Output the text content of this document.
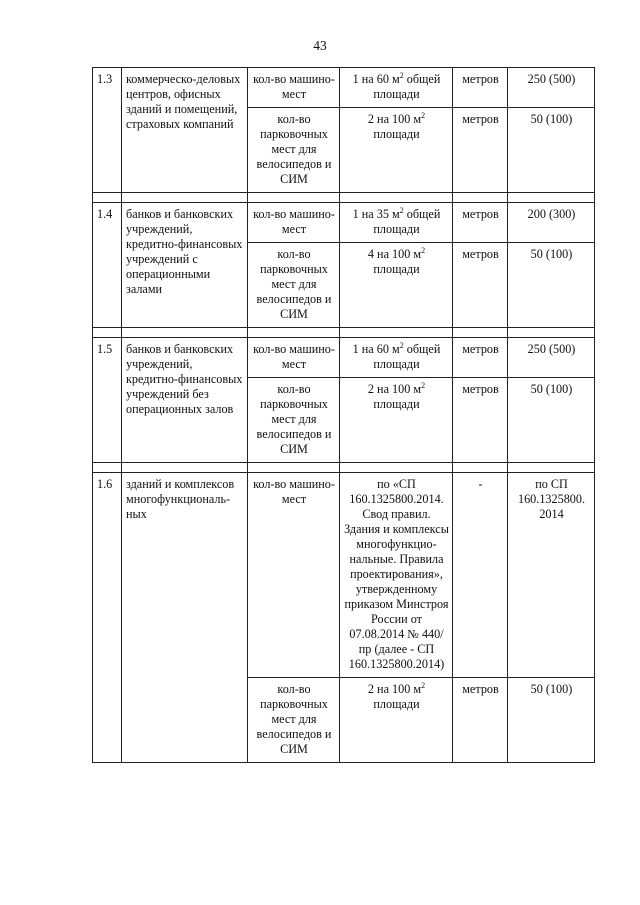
43
1.3	коммерческо-деловых центров, офисных зданий и помещений, страховых компаний	кол-во машино-мест	1 на 60 $м^2$ общей площади	метров	250 (500)
		кол-во парковочных мест для велосипедов и СИМ	2 на 100 $м^2$ площади	метров	50 (100)

1.4	банков и банковских учреждений, кредитно-финансовых учреждений с операционными залами	кол-во машино-мест	1 на 35 $м^2$ общей площади	метров	200 (300)
		кол-во парковочных мест для велосипедов и СИМ	4 на 100 $м^2$ площади	метров	50 (100)

1.5	банков и банковских учреждений, кредитно-финансовых учреждений без операционных залов	кол-во машино-мест	1 на 60 $м^2$ общей площади	метров	250 (500)
		кол-во парковочных мест для велосипедов и СИМ	2 на 100 $м^2$ площади	метров	50 (100)

1.6	зданий и комплексов многофункциональ-ных	кол-во машино-мест	по «СП 160.1325800.2014. Свод правил. Здания и комплексы многофункцио-нальные. Правила проектирования», утвержденному приказом Минстроя России от 07.08.2014 № 440/пр (далее - СП 160.1325800.2014)	-	по СП 160.1325800. 2014
		кол-во парковочных мест для велосипедов и СИМ	2 на 100 $м^2$ площади	метров	50 (100)
